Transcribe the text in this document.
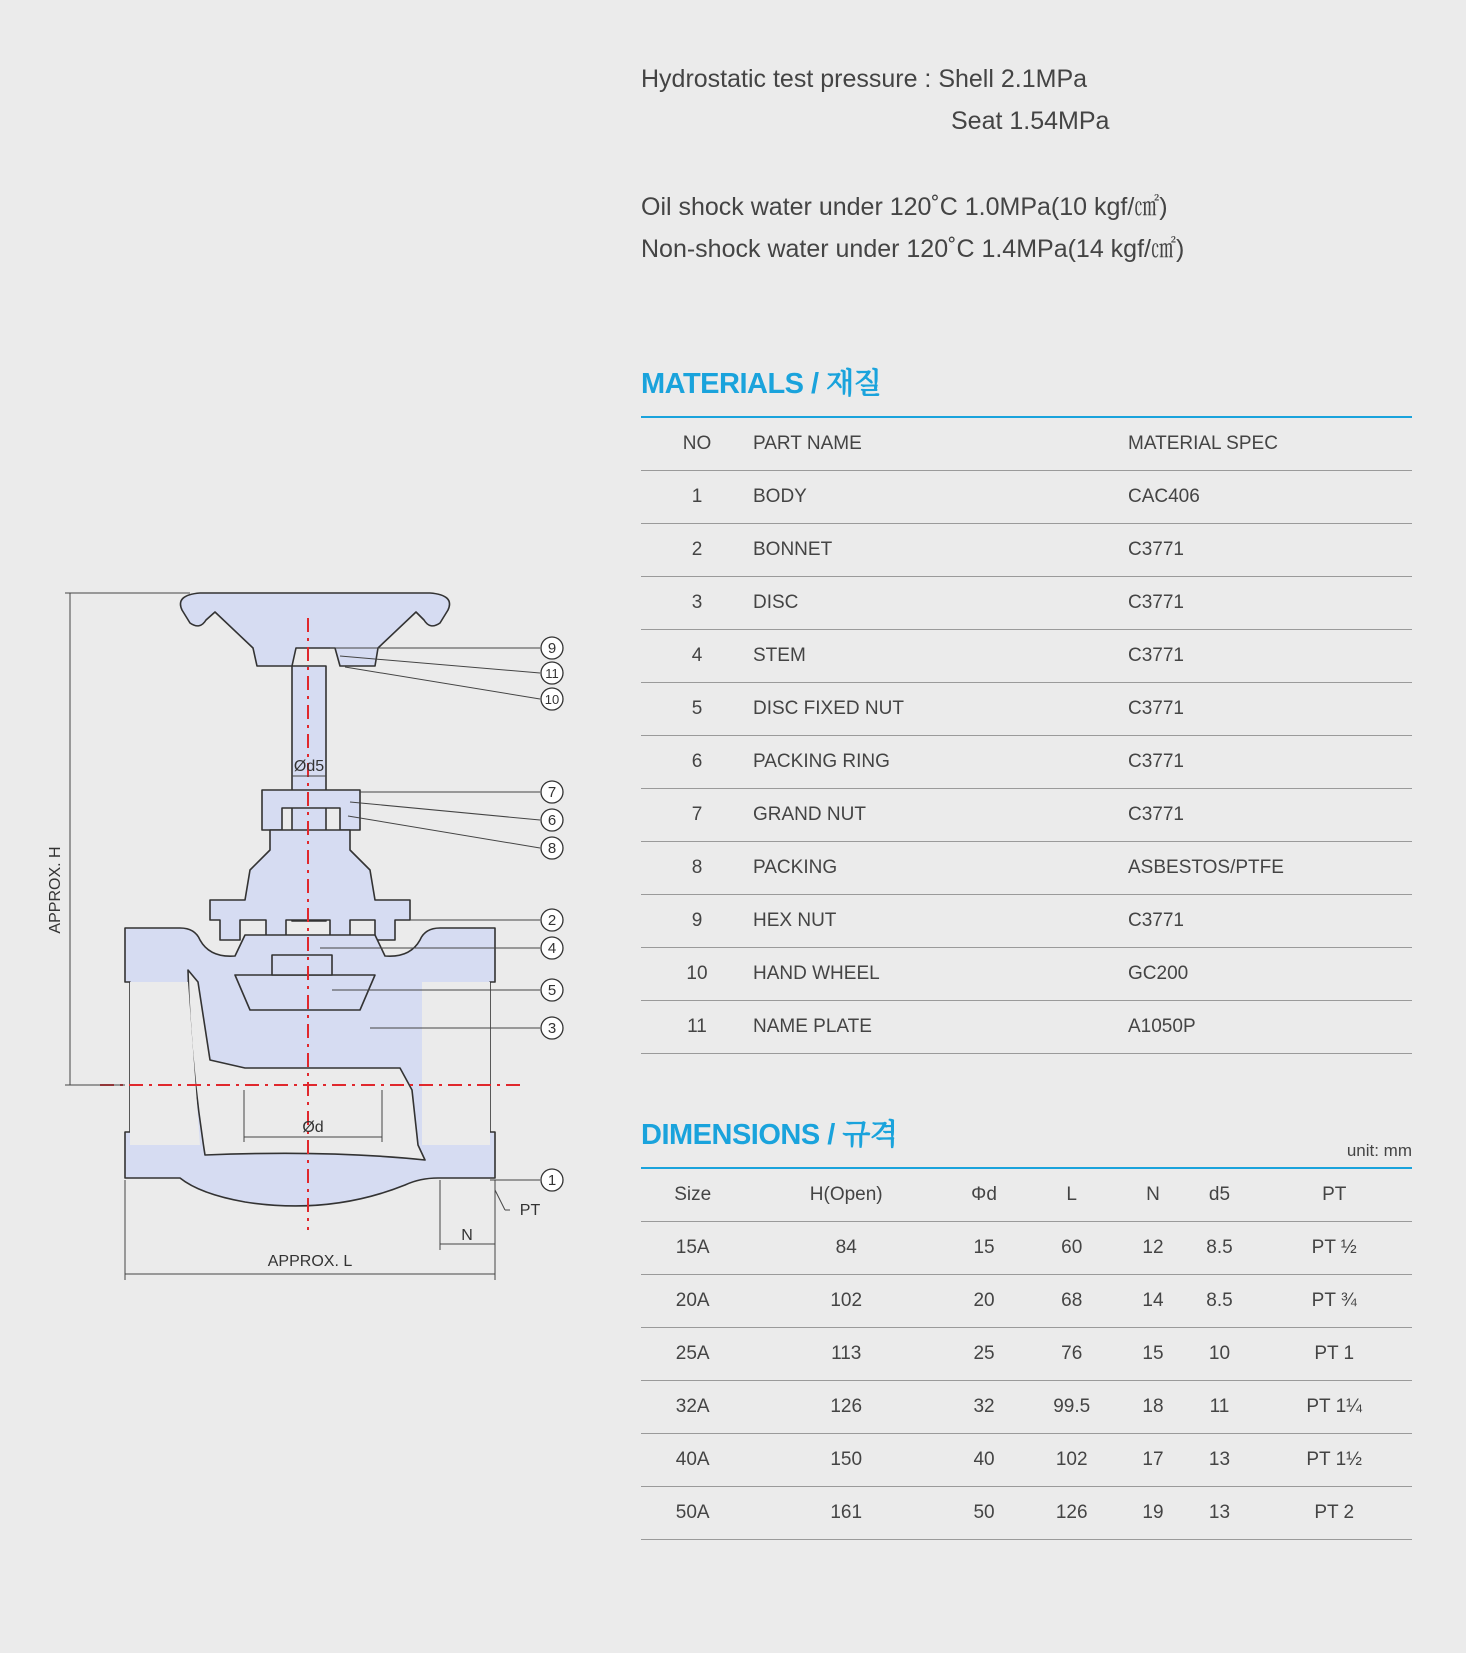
Hydrostatic test pressure : Shell 2.1MPa
Seat 1.54MPa
Oil shock water under 120˚C 1.0MPa(10 kgf/㎠)
Non-shock water under 120˚C 1.4MPa(14 kgf/㎠)
MATERIALS / 재질
NO	PART NAME	MATERIAL SPEC
1	BODY	CAC406
2	BONNET	C3771
3	DISC	C3771
4	STEM	C3771
5	DISC FIXED NUT	C3771
6	PACKING RING	C3771
7	GRAND NUT	C3771
8	PACKING	ASBESTOS/PTFE
9	HEX NUT	C3771
10	HAND WHEEL	GC200
11	NAME PLATE	A1050P
DIMENSIONS / 규격	unit: mm
Size	H(Open)	Φd	L	N	d5	PT
15A	84	15	60	12	8.5	PT ½
20A	102	20	68	14	8.5	PT ¾
25A	113	25	76	15	10	PT 1
32A	126	32	99.5	18	11	PT 1¼
40A	150	40	102	17	13	PT 1½
50A	161	50	126	19	13	PT 2
APPROX. H
APPROX. L
Ød5
Ød
N
PT
9
11
10
7
6
8
2
4
5
3
1
